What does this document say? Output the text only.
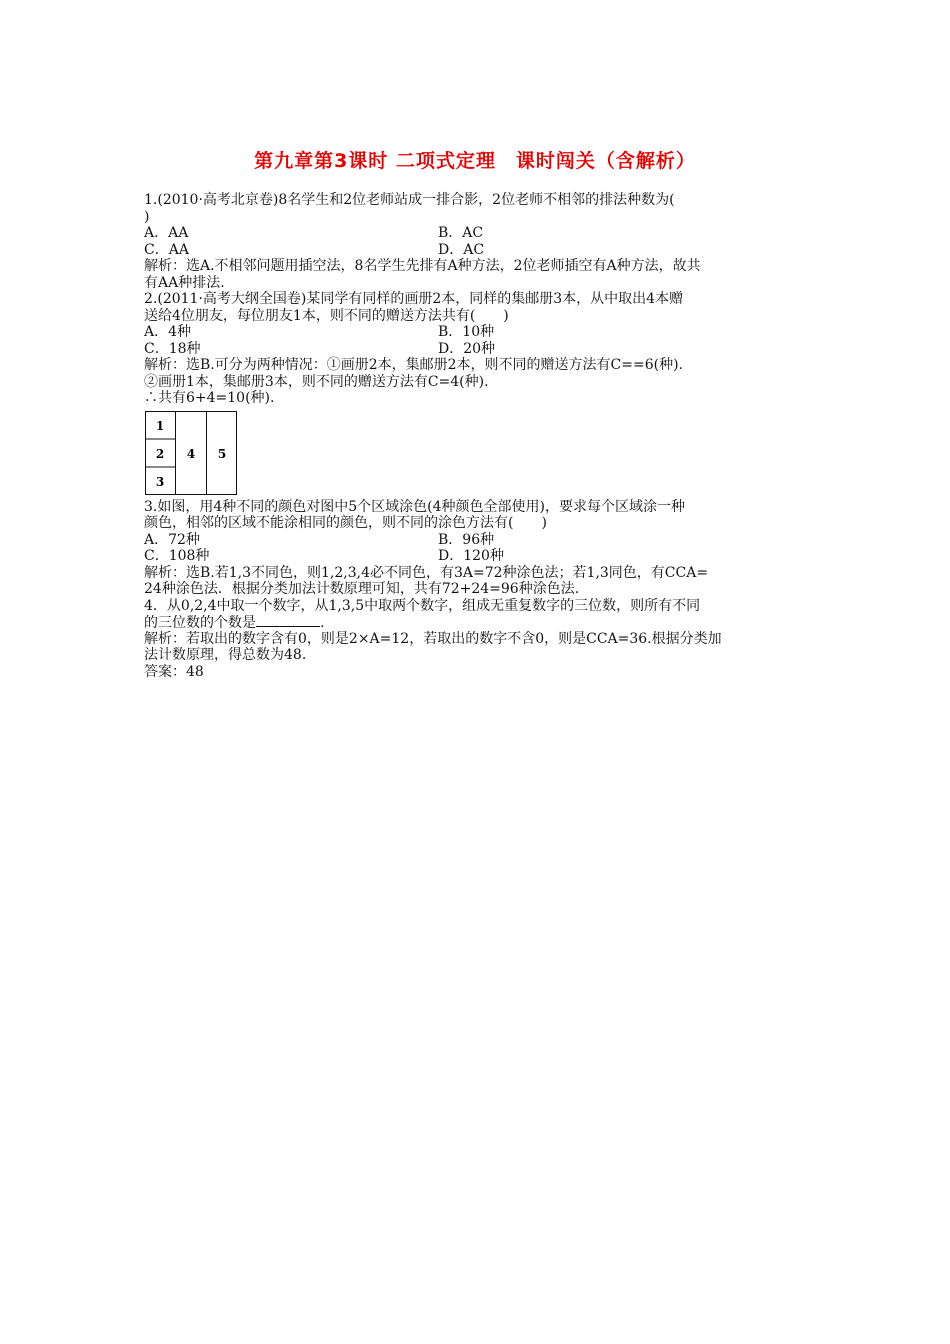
第九章第3课时 二项式定理　课时闯关（含解析）
1.(2010·高考北京卷)8名学生和2位老师站成一排合影，2位老师不相邻的排法种数为(
)
A．AA	B．AC
C．AA	D．AC
解析：选A.不相邻问题用插空法，8名学生先排有A种方法，2位老师插空有A种方法，故共
有AA种排法.
2.(2011·高考大纲全国卷)某同学有同样的画册2本，同样的集邮册3本，从中取出4本赠
送给4位朋友，每位朋友1本，则不同的赠送方法共有(　　)
A．4种	B．10种
C．18种	D．20种
解析：选B.可分为两种情况：①画册2本，集邮册2本，则不同的赠送方法有C==6(种).
②画册1本，集邮册3本，则不同的赠送方法有C=4(种).
∴共有6+4=10(种).
1
2
3
4 5
3.如图，用4种不同的颜色对图中5个区域涂色(4种颜色全部使用)，要求每个区域涂一种
颜色，相邻的区域不能涂相同的颜色，则不同的涂色方法有(　　)
A．72种	B．96种
C．108种	D．120种
解析：选B.若1,3不同色，则1,2,3,4必不同色，有3A=72种涂色法；若1,3同色，有CCA=
24种涂色法．根据分类加法计数原理可知，共有72+24=96种涂色法.
4．从0,2,4中取一个数字，从1,3,5中取两个数字，组成无重复数字的三位数，则所有不同
的三位数的个数是	.
解析：若取出的数字含有0，则是2×A=12，若取出的数字不含0，则是CCA=36.根据分类加
法计数原理，得总数为48.
答案：48
